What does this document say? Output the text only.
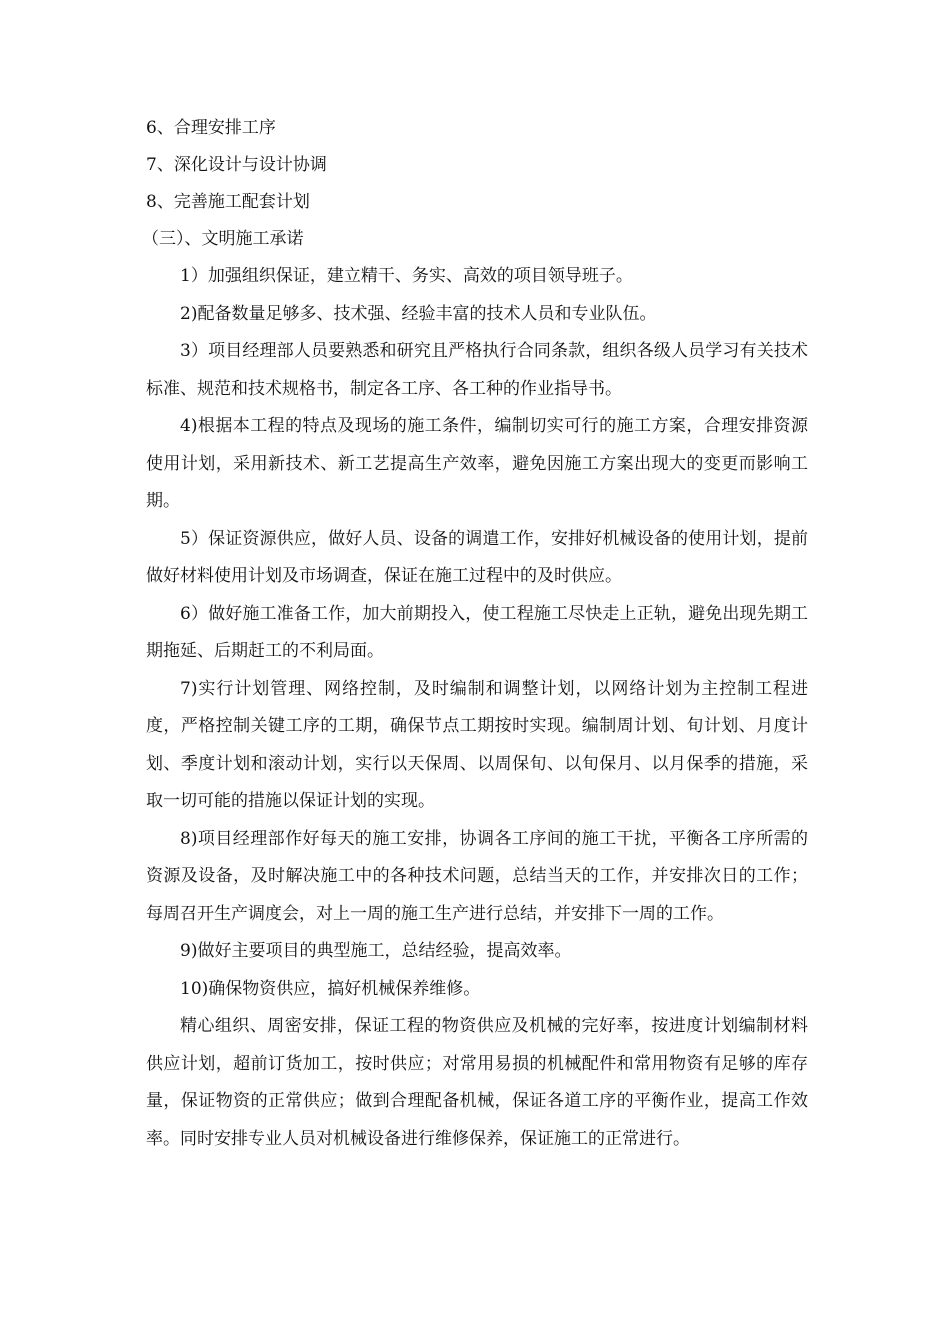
6、合理安排工序

7、深化设计与设计协调

8、完善施工配套计划

（三）、文明施工承诺

1）加强组织保证，建立精干、务实、高效的项目领导班子。

2)配备数量足够多、技术强、经验丰富的技术人员和专业队伍。

3）项目经理部人员要熟悉和研究且严格执行合同条款，组织各级人员学习有关技术标准、规范和技术规格书，制定各工序、各工种的作业指导书。

4)根据本工程的特点及现场的施工条件，编制切实可行的施工方案，合理安排资源使用计划，采用新技术、新工艺提高生产效率，避免因施工方案出现大的变更而影响工期。

5）保证资源供应，做好人员、设备的调遣工作，安排好机械设备的使用计划，提前做好材料使用计划及市场调查，保证在施工过程中的及时供应。

6）做好施工准备工作，加大前期投入，使工程施工尽快走上正轨，避免出现先期工期拖延、后期赶工的不利局面。

7)实行计划管理、网络控制，及时编制和调整计划，以网络计划为主控制工程进度，严格控制关键工序的工期，确保节点工期按时实现。编制周计划、旬计划、月度计划、季度计划和滚动计划，实行以天保周、以周保旬、以旬保月、以月保季的措施，采取一切可能的措施以保证计划的实现。

8)项目经理部作好每天的施工安排，协调各工序间的施工干扰，平衡各工序所需的资源及设备，及时解决施工中的各种技术问题，总结当天的工作，并安排次日的工作；每周召开生产调度会，对上一周的施工生产进行总结，并安排下一周的工作。

9)做好主要项目的典型施工，总结经验，提高效率。

10)确保物资供应，搞好机械保养维修。

精心组织、周密安排，保证工程的物资供应及机械的完好率，按进度计划编制材料供应计划，超前订货加工，按时供应；对常用易损的机械配件和常用物资有足够的库存量，保证物资的正常供应；做到合理配备机械，保证各道工序的平衡作业，提高工作效率。同时安排专业人员对机械设备进行维修保养，保证施工的正常进行。
